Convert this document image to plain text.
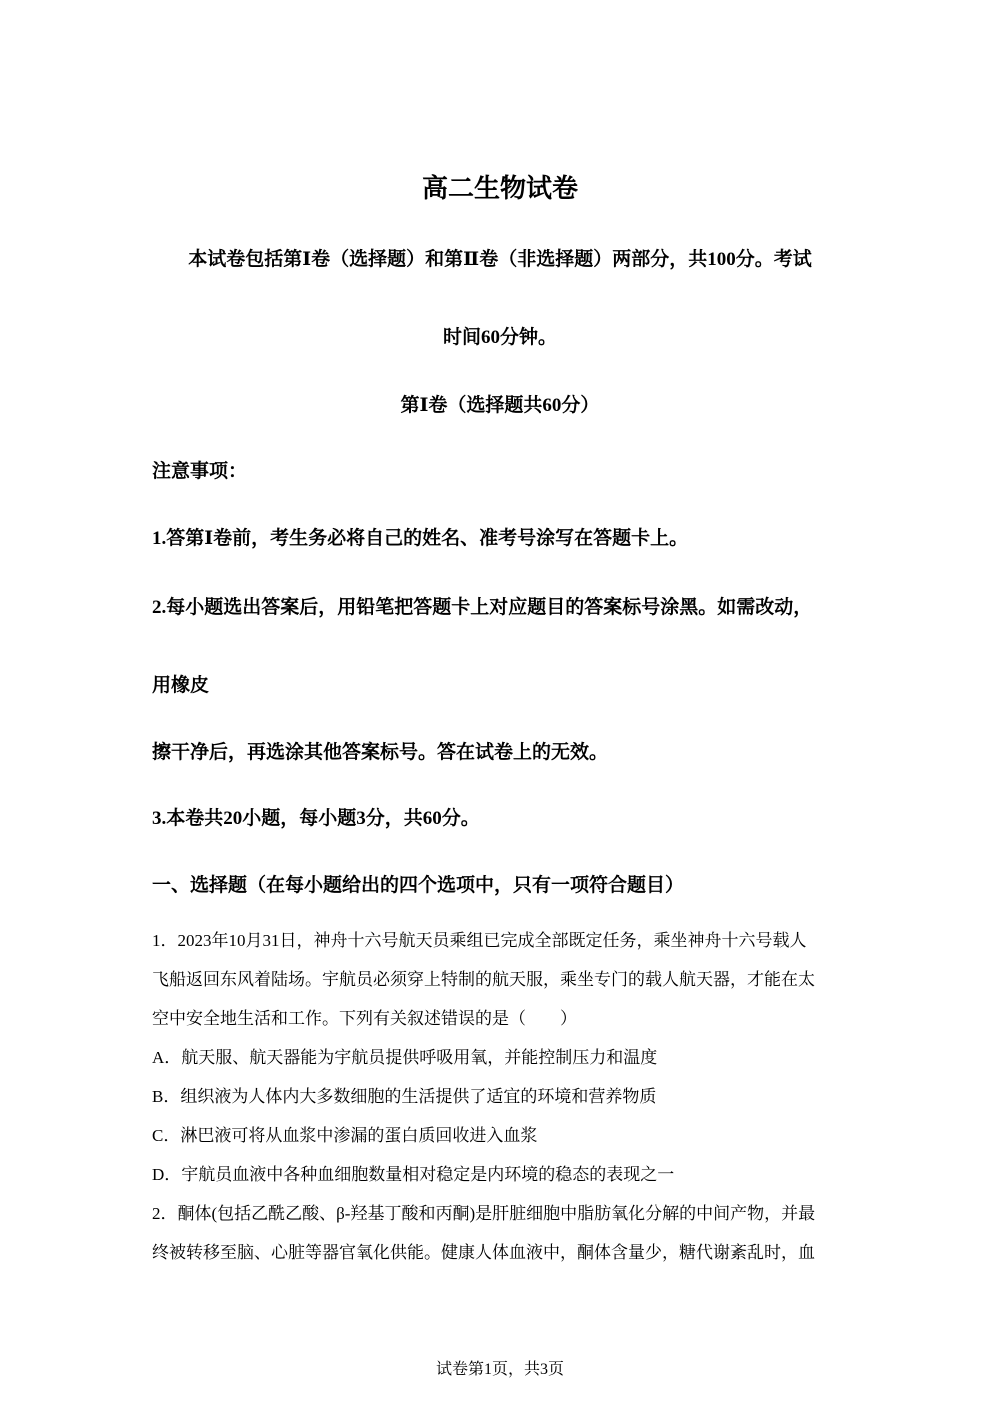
高二生物试卷
本试卷包括第Ⅰ卷（选择题）和第Ⅱ卷（非选择题）两部分，共100分。考试
时间60分钟。
第Ⅰ卷（选择题共60分）
注意事项：
1.答第Ⅰ卷前，考生务必将自己的姓名、准考号涂写在答题卡上。
2.每小题选出答案后，用铅笔把答题卡上对应题目的答案标号涂黑。如需改动，
用橡皮
擦干净后，再选涂其他答案标号。答在试卷上的无效。
3.本卷共20小题，每小题3分，共60分。
一、选择题（在每小题给出的四个选项中，只有一项符合题目）
1．2023年10月31日，神舟十六号航天员乘组已完成全部既定任务，乘坐神舟十六号载人
飞船返回东风着陆场。宇航员必须穿上特制的航天服，乘坐专门的载人航天器，才能在太
空中安全地生活和工作。下列有关叙述错误的是（　　）
A．航天服、航天器能为宇航员提供呼吸用氧，并能控制压力和温度
B．组织液为人体内大多数细胞的生活提供了适宜的环境和营养物质
C．淋巴液可将从血浆中渗漏的蛋白质回收进入血浆
D．宇航员血液中各种血细胞数量相对稳定是内环境的稳态的表现之一
2．酮体(包括乙酰乙酸、β-羟基丁酸和丙酮)是肝脏细胞中脂肪氧化分解的中间产物，并最
终被转移至脑、心脏等器官氧化供能。健康人体血液中，酮体含量少，糖代谢紊乱时，血
试卷第1页，共3页
